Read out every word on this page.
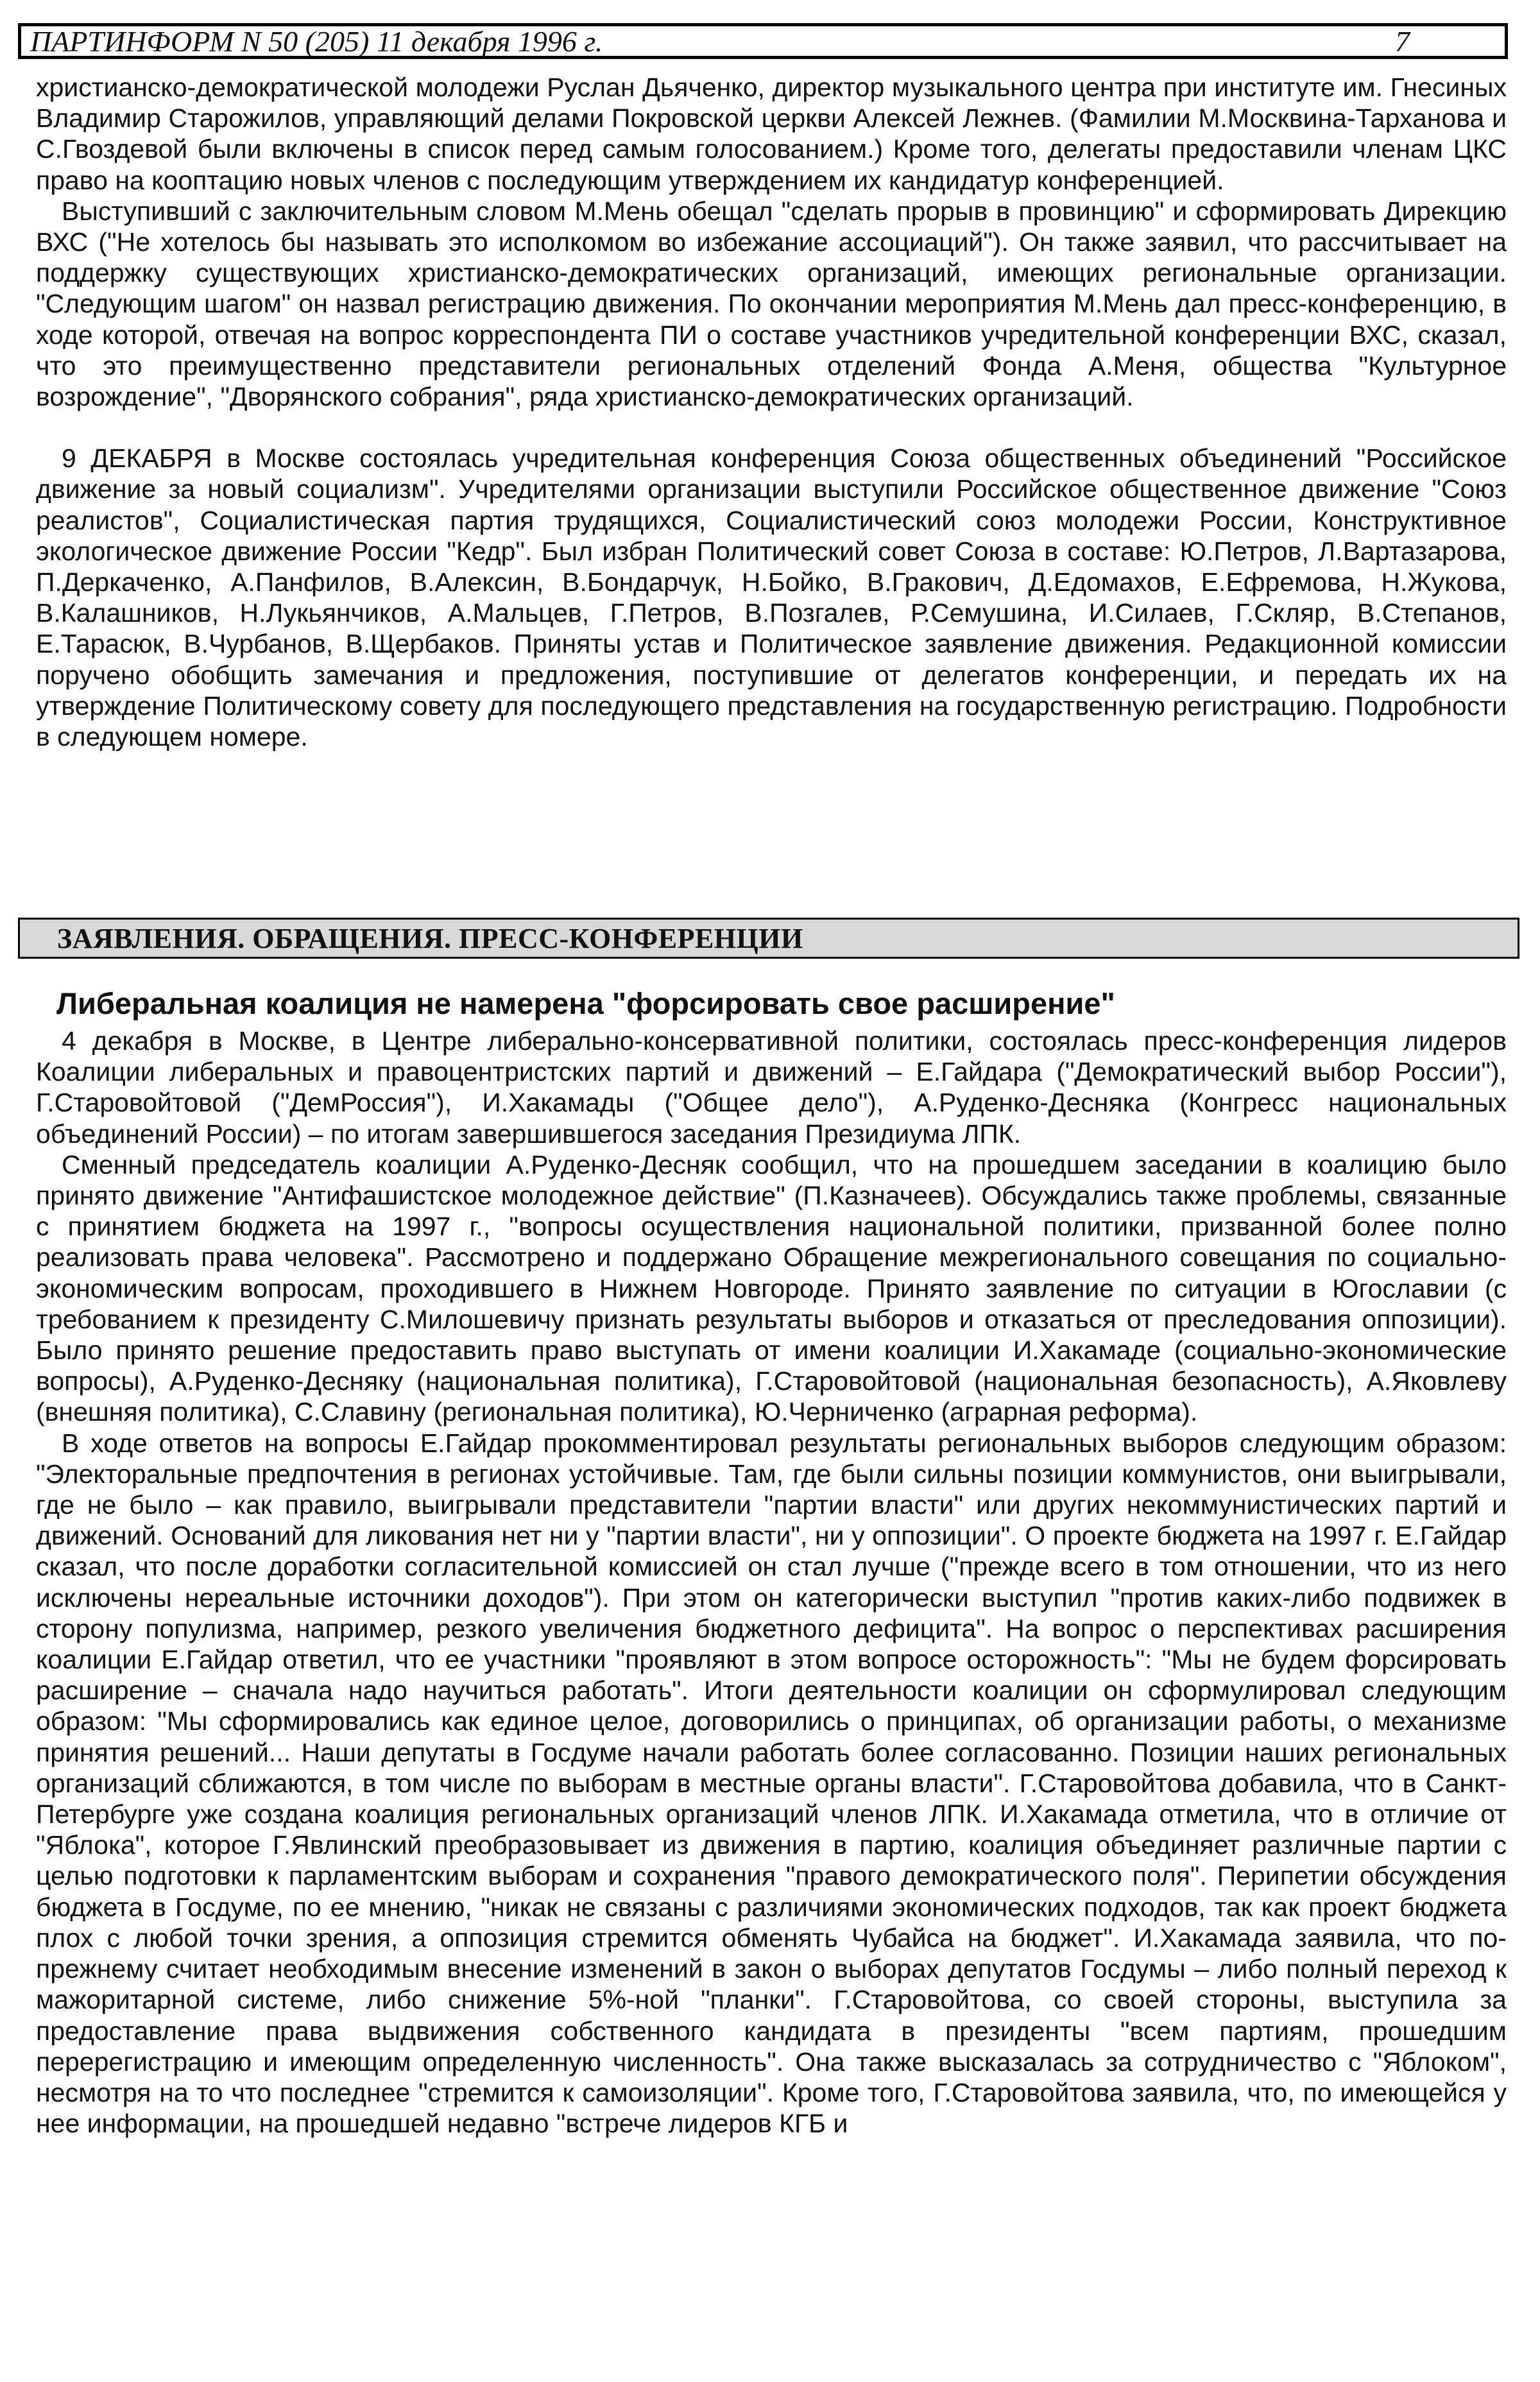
ПАРТИНФОРМ N 50 (205) 11 декабря 1996 г.	7

христианско-демократической молодежи Руслан Дьяченко, директор музыкального центра при институте им. Гнесиных Владимир Старожилов, управляющий делами Покровской церкви Алексей Лежнев. (Фамилии М.Москвина-Тарханова и С.Гвоздевой были включены в список перед самым голосованием.) Кроме того, делегаты предоставили членам ЦКС право на кооптацию новых членов с последующим утверждением их кандидатур конференцией.

Выступивший с заключительным словом М.Мень обещал "сделать прорыв в провинцию" и сформировать Дирекцию ВХС ("Не хотелось бы называть это исполкомом во избежание ассоциаций"). Он также заявил, что рассчитывает на поддержку существующих христианско-демократических организаций, имеющих региональные организации. "Следующим шагом" он назвал регистрацию движения. По окончании мероприятия М.Мень дал пресс-конференцию, в ходе которой, отвечая на вопрос корреспондента ПИ о составе участников учредительной конференции ВХС, сказал, что это преимущественно представители региональных отделений Фонда А.Меня, общества "Культурное возрождение", "Дворянского собрания", ряда христианско-демократических организаций.

9 ДЕКАБРЯ в Москве состоялась учредительная конференция Союза общественных объединений "Российское движение за новый социализм". Учредителями организации выступили Российское общественное движение "Союз реалистов", Социалистическая партия трудящихся, Социалистический союз молодежи России, Конструктивное экологическое движение России "Кедр". Был избран Политический совет Союза в составе: Ю.Петров, Л.Вартазарова, П.Деркаченко, А.Панфилов, В.Алексин, В.Бондарчук, Н.Бойко, В.Гракович, Д.Едомахов, Е.Ефремова, Н.Жукова, В.Калашников, Н.Лукьянчиков, А.Мальцев, Г.Петров, В.Позгалев, Р.Семушина, И.Силаев, Г.Скляр, В.Степанов, Е.Тарасюк, В.Чурбанов, В.Щербаков. Приняты устав и Политическое заявление движения. Редакционной комиссии поручено обобщить замечания и предложения, поступившие от делегатов конференции, и передать их на утверждение Политическому совету для последующего представления на государственную регистрацию. Подробности в следующем номере.

ЗАЯВЛЕНИЯ. ОБРАЩЕНИЯ. ПРЕСС-КОНФЕРЕНЦИИ
Либеральная коалиция не намерена "форсировать свое расширение"

4 декабря в Москве, в Центре либерально-консервативной политики, состоялась пресс-конференция лидеров Коалиции либеральных и правоцентристских партий и движений – Е.Гайдара ("Демократический выбор России"), Г.Старовойтовой ("ДемРоссия"), И.Хакамады ("Общее дело"), А.Руденко-Десняка (Конгресс национальных объединений России) – по итогам завершившегося заседания Президиума ЛПК.

Сменный председатель коалиции А.Руденко-Десняк сообщил, что на прошедшем заседании в коалицию было принято движение "Антифашистское молодежное действие" (П.Казначеев). Обсуждались также проблемы, связанные с принятием бюджета на 1997 г., "вопросы осуществления национальной политики, призванной более полно реализовать права человека". Рассмотрено и поддержано Обращение межрегионального совещания по социально-экономическим вопросам, проходившего в Нижнем Новгороде. Принято заявление по ситуации в Югославии (с требованием к президенту С.Милошевичу признать результаты выборов и отказаться от преследования оппозиции). Было принято решение предоставить право выступать от имени коалиции И.Хакамаде (социально-экономические вопросы), А.Руденко-Десняку (национальная политика), Г.Старовойтовой (национальная безопасность), А.Яковлеву (внешняя политика), С.Славину (региональная политика), Ю.Черниченко (аграрная реформа).

В ходе ответов на вопросы Е.Гайдар прокомментировал результаты региональных выборов следующим образом: "Электоральные предпочтения в регионах устойчивые. Там, где были сильны позиции коммунистов, они выигрывали, где не было – как правило, выигрывали представители "партии власти" или других некоммунистических партий и движений. Оснований для ликования нет ни у "партии власти", ни у оппозиции". О проекте бюджета на 1997 г. Е.Гайдар сказал, что после доработки согласительной комиссией он стал лучше ("прежде всего в том отношении, что из него исключены нереальные источники доходов"). При этом он категорически выступил "против каких-либо подвижек в сторону популизма, например, резкого увеличения бюджетного дефицита". На вопрос о перспективах расширения коалиции Е.Гайдар ответил, что ее участники "проявляют в этом вопросе осторожность": "Мы не будем форсировать расширение – сначала надо научиться работать". Итоги деятельности коалиции он сформулировал следующим образом: "Мы сформировались как единое целое, договорились о принципах, об организации работы, о механизме принятия решений... Наши депутаты в Госдуме начали работать более согласованно. Позиции наших региональных организаций сближаются, в том числе по выборам в местные органы власти". Г.Старовойтова добавила, что в Санкт-Петербурге уже создана коалиция региональных организаций членов ЛПК. И.Хакамада отметила, что в отличие от "Яблока", которое Г.Явлинский преобразовывает из движения в партию, коалиция объединяет различные партии с целью подготовки к парламентским выборам и сохранения "правого демократического поля". Перипетии обсуждения бюджета в Госдуме, по ее мнению, "никак не связаны с различиями экономических подходов, так как проект бюджета плох с любой точки зрения, а оппозиция стремится обменять Чубайса на бюджет". И.Хакамада заявила, что по-прежнему считает необходимым внесение изменений в закон о выборах депутатов Госдумы – либо полный переход к мажоритарной системе, либо снижение 5%-ной "планки". Г.Старовойтова, со своей стороны, выступила за предоставление права выдвижения собственного кандидата в президенты "всем партиям, прошедшим перерегистрацию и имеющим определенную численность". Она также высказалась за сотрудничество с "Яблоком", несмотря на то что последнее "стремится к самоизоляции". Кроме того, Г.Старовойтова заявила, что, по имеющейся у нее информации, на прошедшей недавно "встрече лидеров КГБ и
